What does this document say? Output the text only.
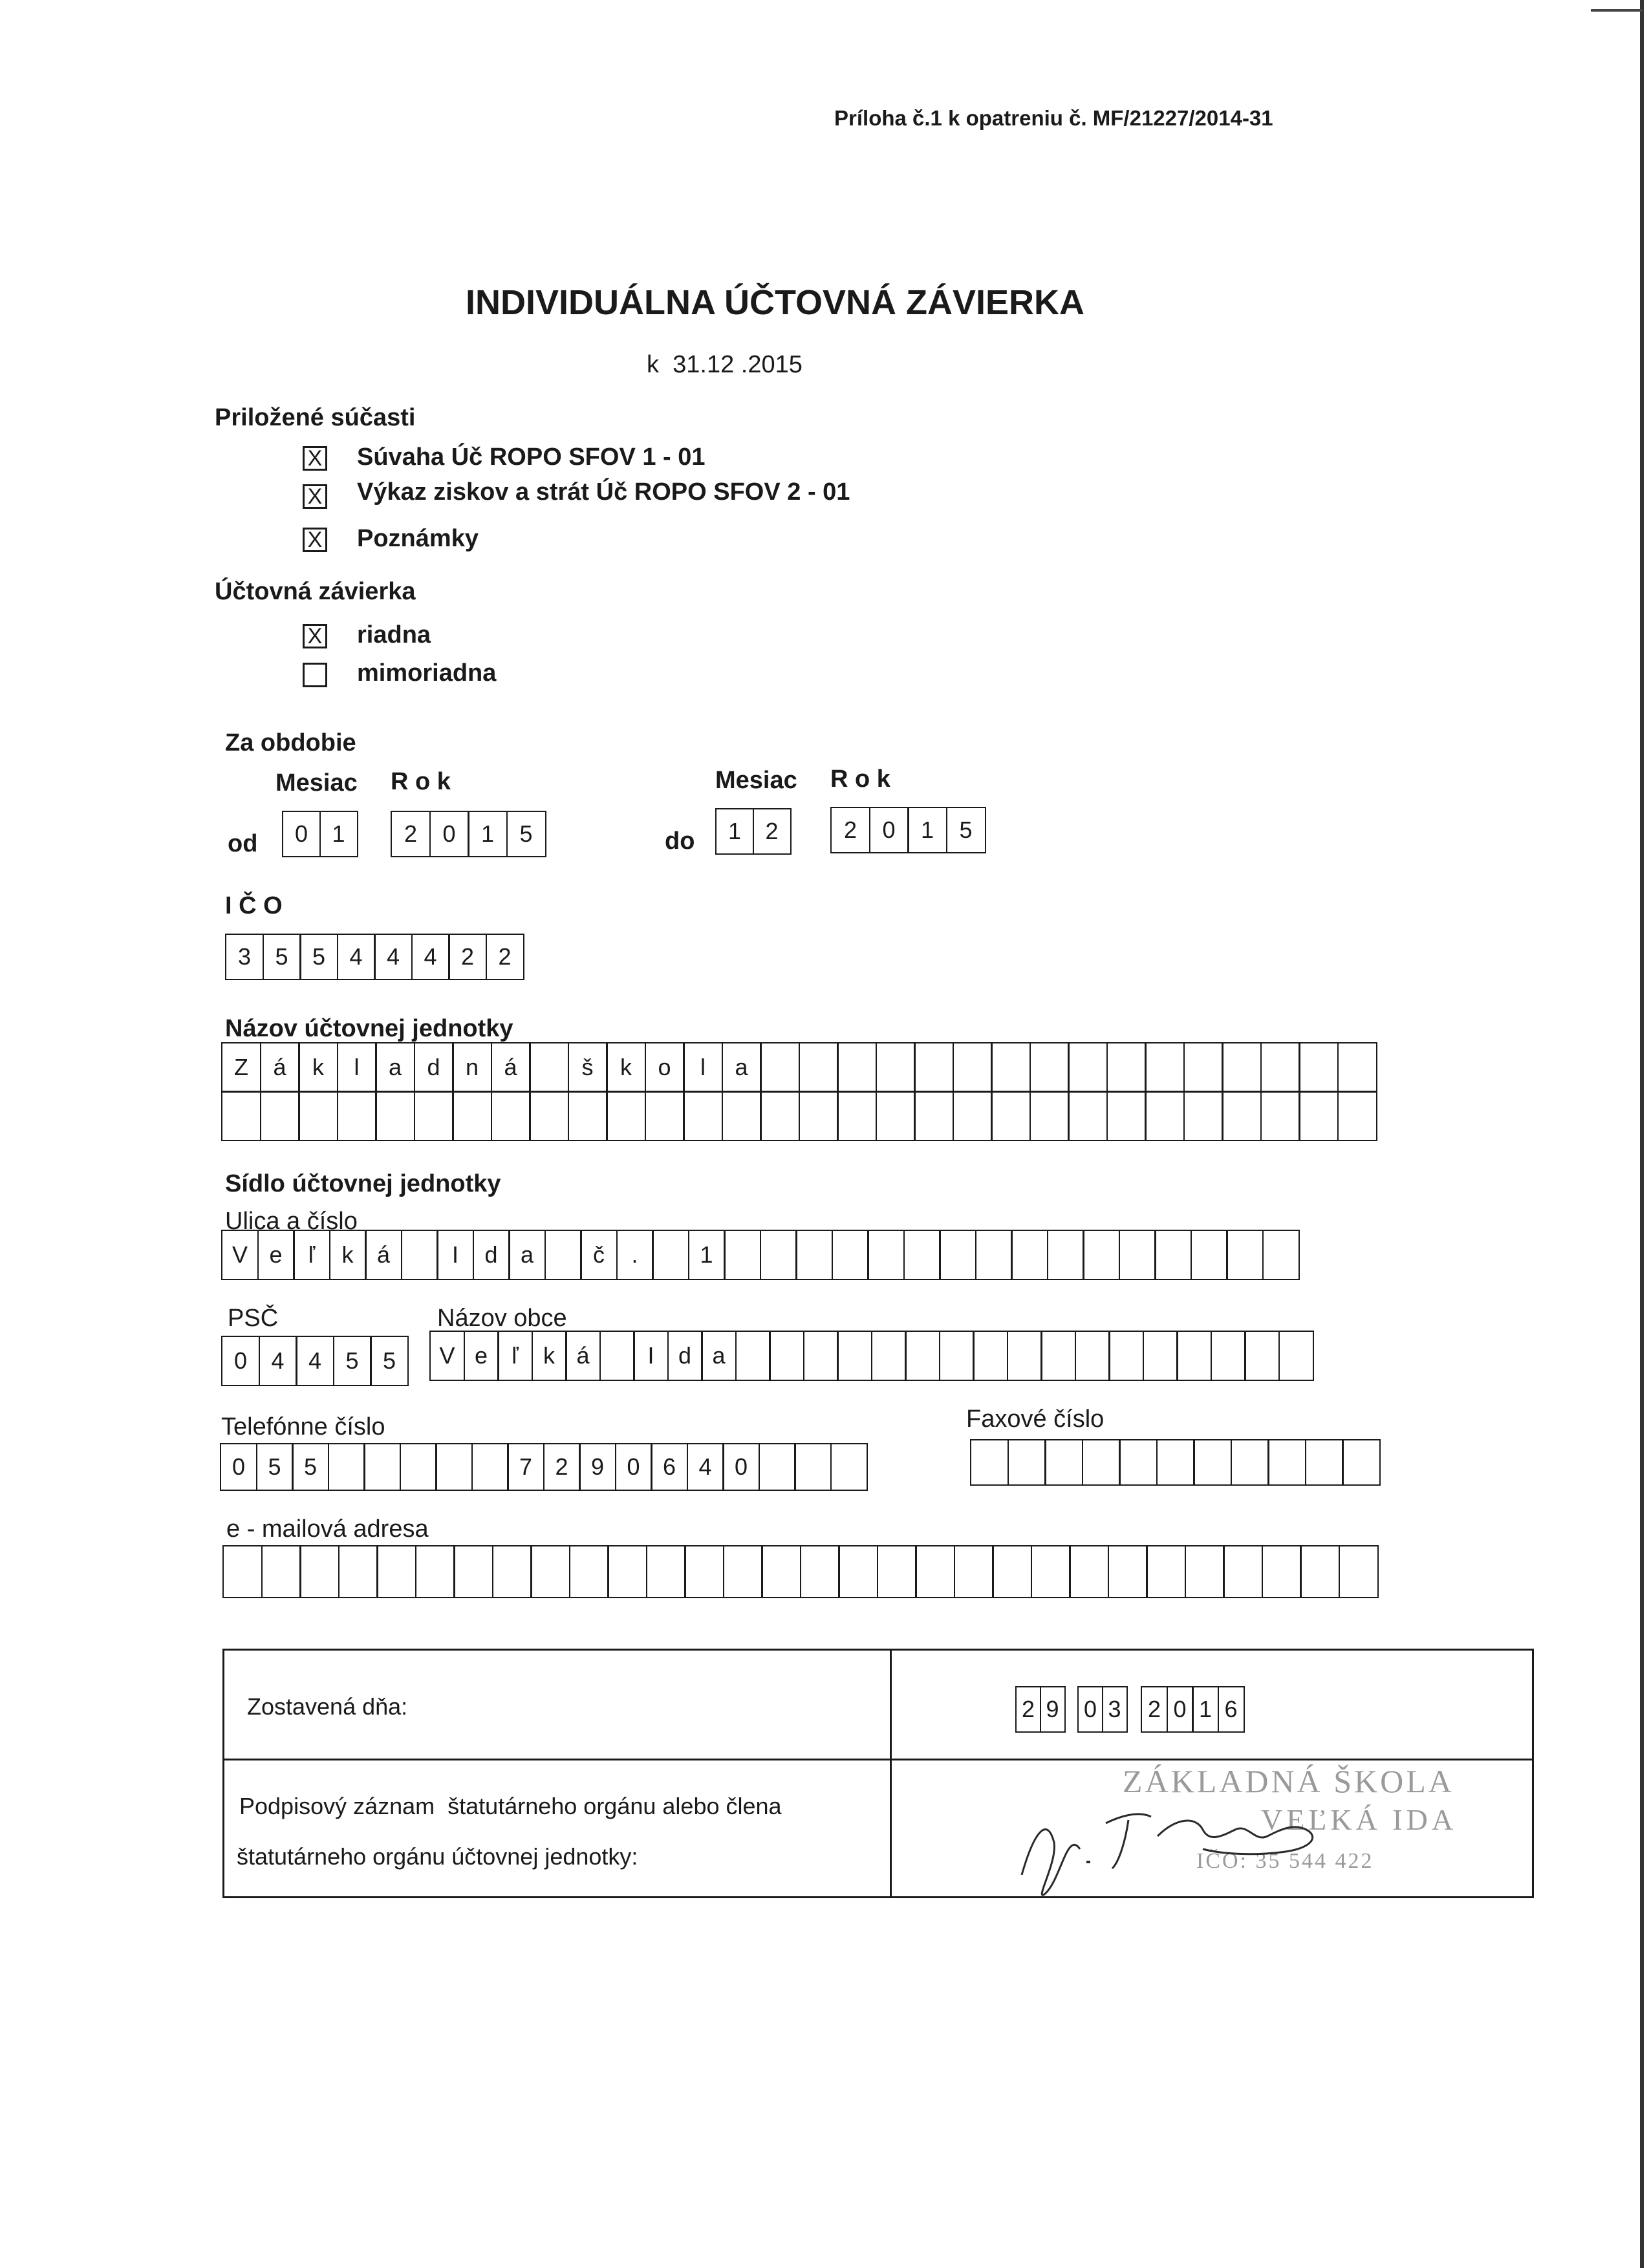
Príloha č.1 k opatreniu č. MF/21227/2014-31
INDIVIDUÁLNA ÚČTOVNÁ ZÁVIERKA
k  31.12 .2015
Priložené súčasti
X Súvaha Úč ROPO SFOV 1 - 01
X Výkaz ziskov a strát Úč ROPO SFOV 2 - 01
X Poznámky
Účtovná závierka
X riadna
mimoriadna
Za obdobie
Mesiac R o k	Mesiac R o k
od	0	1	2	0	1	5	do	1	2	2	0	1	5
I Č O
3	5	5	4	4	4	2	2
Názov účtovnej jednotky
Z	á	k	l	a	d	n	á	š	k	o	l	a
Sídlo účtovnej jednotky
Ulica a číslo
V e	ľ	k	á	I	d a	č	.	1
PSČ	Názov obce
0	4	4	5	5	V e	ľ	k á	I	d a
Telefónne číslo	Faxové číslo
0 5 5	7 2 9 0 6 4 0
e - mailová adresa
Zostavená dňa:	2 9 0 3	2 0 1 6
Podpisový záznam  štatutárneho orgánu alebo člena
štatutárneho orgánu účtovnej jednotky:
ZÁKLADNÁ ŠKOLA
VEĽKÁ IDA
IČO: 35 544 422
